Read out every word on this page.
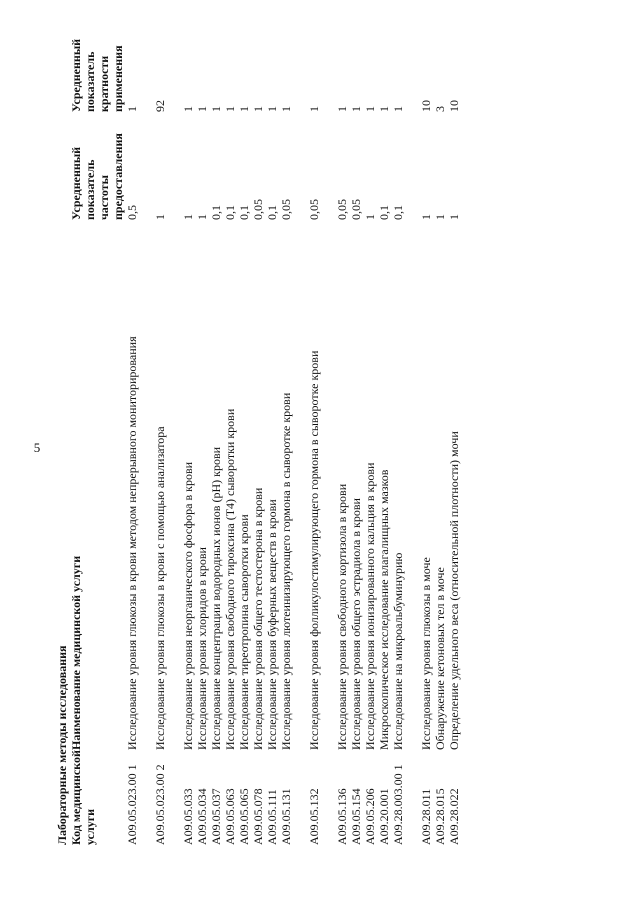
5
Лабораторные методы исследования Код медицинской услуги	Наименование медицинской услуги	Усредненный показатель частоты предоставления	Усредненный показатель кратности применения
A09.05.023.00 1	Исследование уровня глюкозы в крови методом непрерывного мониторирования	0,5	1

A09.05.023.00 2	Исследование уровня глюкозы в крови с помощью анализатора	1	92

A09.05.033	Исследование уровня неорганического фосфора в крови	1	1
A09.05.034	Исследование уровня хлоридов в крови	1	1
A09.05.037	Исследование концентрации водородных ионов (pH) крови	0,1	1
A09.05.063	Исследование уровня свободного тироксина (T4) сыворотки крови	0,1	1
A09.05.065	Исследование тиреотропина сыворотки крови	0,1	1
A09.05.078	Исследование уровня общего тестостерона в крови	0,05	1
A09.05.111	Исследование уровня буферных веществ в крови	0,1	1
A09.05.131	Исследование уровня лютеинизирующего гормона в сыворотке крови	0,05	1

A09.05.132	Исследование уровня фолликулостимулирующего гормона в сыворотке крови	0,05	1

A09.05.136	Исследование уровня свободного кортизола в крови	0,05	1
A09.05.154	Исследование уровня общего эстрадиола в крови	0,05	1
A09.05.206	Исследование уровня ионизированного кальция в крови	1	1
A09.20.001	Микроскопическое исследование влагалищных мазков	0,1	1
A09.28.003.00 1	Исследование на микроальбуминурию	0,1	1

A09.28.011	Исследование уровня глюкозы в моче	1	10
A09.28.015	Обнаружение кетоновых тел в моче	1	3
A09.28.022	Определение удельного веса (относительной плотности) мочи	1	10
